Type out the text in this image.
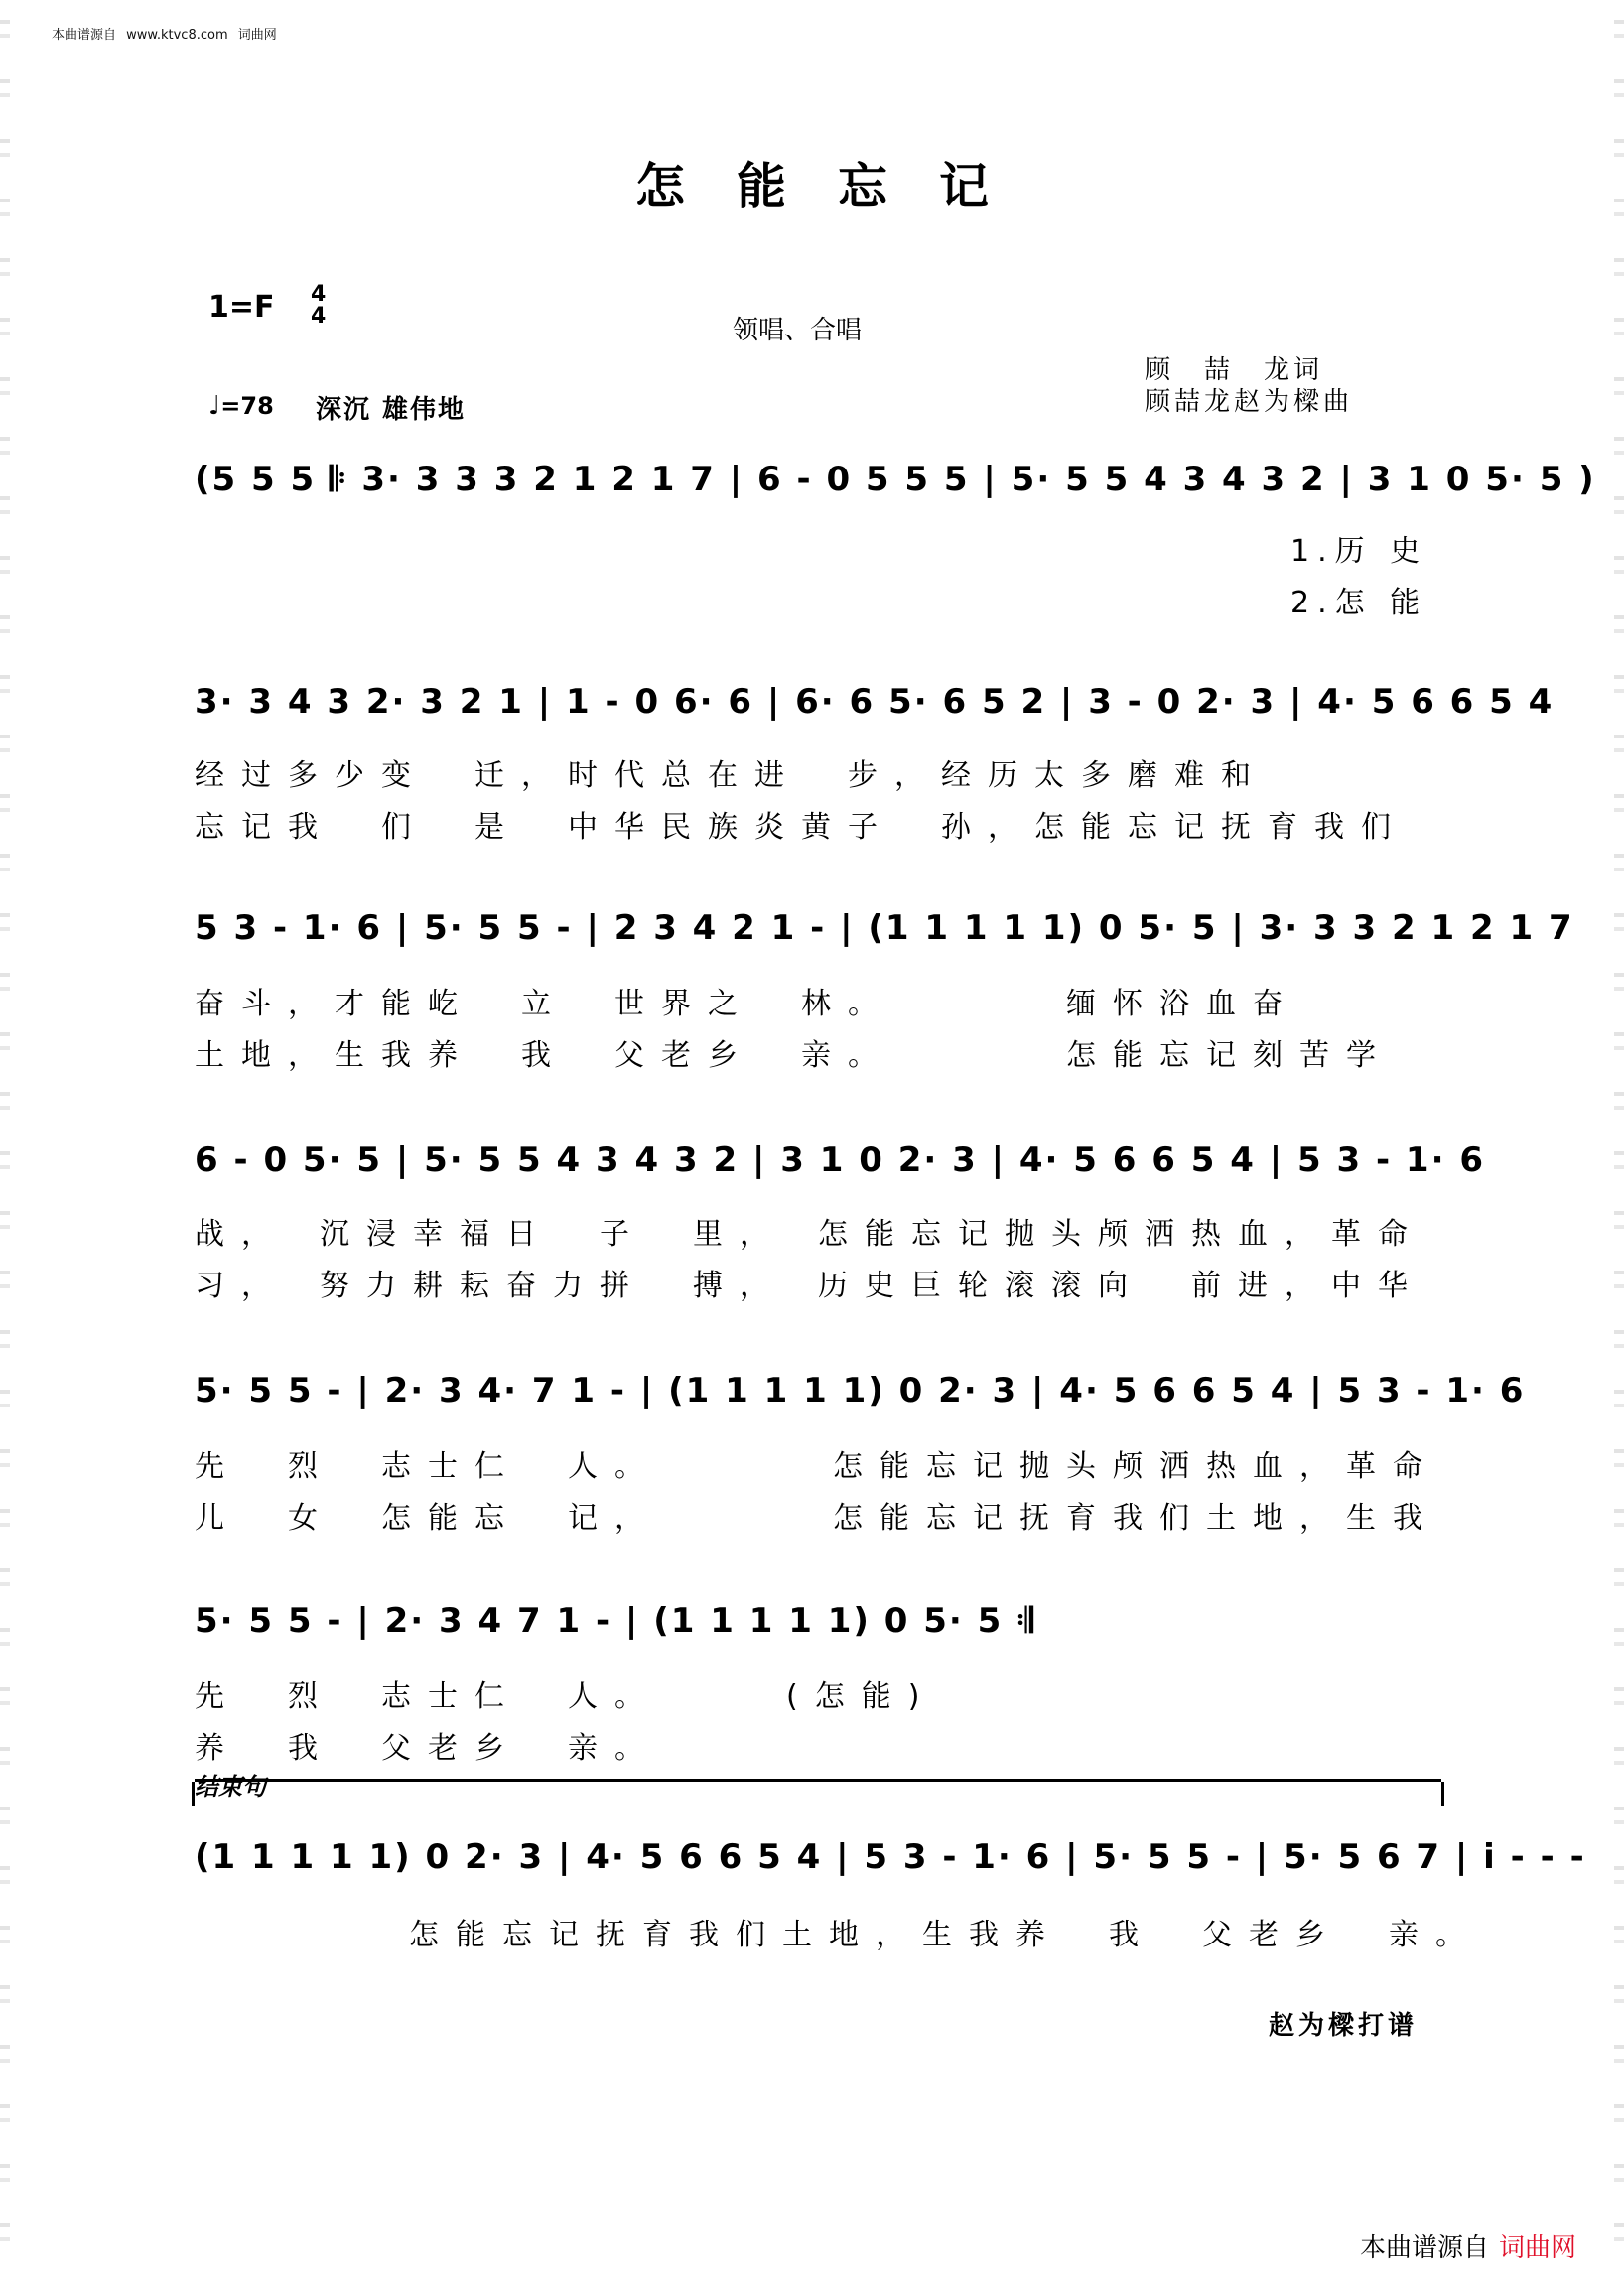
本曲谱源自 www.ktvc8.com 词曲网
怎能忘记
1=F 4
4	领唱、合唱
顾　喆　龙词
顾喆龙赵为樑曲
♩=78 深沉 雄伟地
(5 5 5 𝄆 3· 3 3 3 2 1 2 1 7 | 6 - 0 5 5 5 | 5· 5 5 4 3 4 3 2 | 3 1 0 5· 5 )
1.历 史
2.怎 能
3· 3 4 3 2· 3 2 1 | 1 - 0 6· 6 | 6· 6 5· 6 5 2 | 3 - 0 2· 3 | 4· 5 6 6 5 4
经过多少变　迁，时代总在进　步，经历太多磨难和
忘记我　们　是　中华民族炎黄子　孙，怎能忘记抚育我们
5 3 - 1· 6 | 5· 5 5 - | 2 3 4 2 1 - | (1 1 1 1 1) 0 5· 5 | 3· 3 3 2 1 2 1 7
奋斗，才能屹　立　世界之　林。　　　　缅怀浴血奋
土地，生我养　我　父老乡　亲。　　　　怎能忘记刻苦学
6 - 0 5· 5 | 5· 5 5 4 3 4 3 2 | 3 1 0 2· 3 | 4· 5 6 6 5 4 | 5 3 - 1· 6
战，　沉浸幸福日　子　里，　怎能忘记抛头颅洒热血，革命
习，　努力耕耘奋力拼　搏，　历史巨轮滚滚向　前进，中华
5· 5 5 - | 2· 3 4· 7 1 - | (1 1 1 1 1) 0 2· 3 | 4· 5 6 6 5 4 | 5 3 - 1· 6
先　烈　志士仁　人。　　　　怎能忘记抛头颅洒热血，革命
儿　女　怎能忘　记，　　　　怎能忘记抚育我们土地，生我
5· 5 5 - | 2· 3 4 7 1 - | (1 1 1 1 1) 0 5· 5 𝄇
先　烈　志士仁　人。　　　(怎能)
养　我　父老乡　亲。
结束句
(1 1 1 1 1) 0 2· 3 | 4· 5 6 6 5 4 | 5 3 - 1· 6 | 5· 5 5 - | 5· 5 6 7 | i - - -
怎能忘记抚育我们土地，生我养　我　父老乡　亲。
赵为樑打谱
本曲谱源自 词曲网
